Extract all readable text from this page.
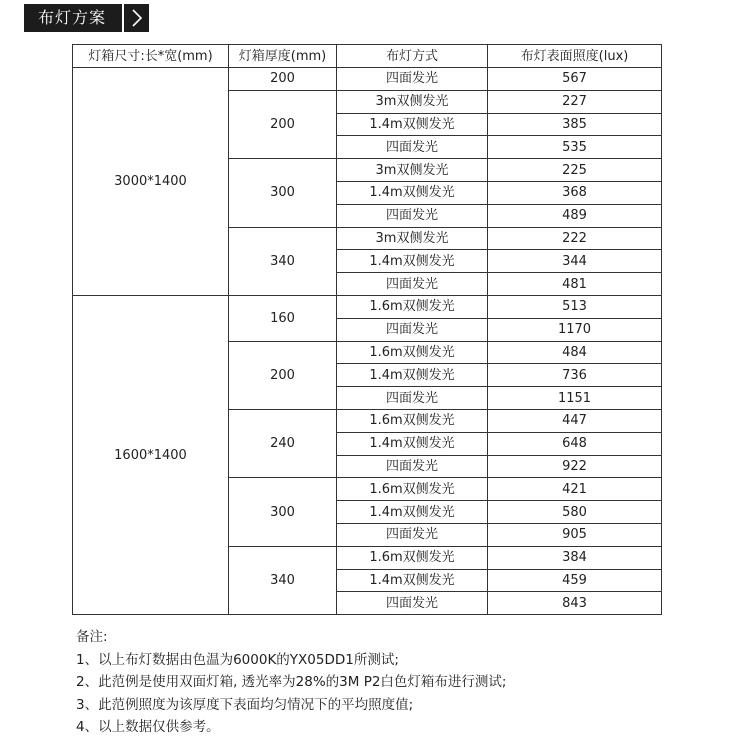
布灯方案
灯箱尺寸:长*宽(mm)	灯箱厚度(mm)	布灯方式	布灯表面照度(lux)
3000*1400	200	四面发光	567
	200	3m双侧发光	227
		1.4m双侧发光	385
		四面发光	535
	300	3m双侧发光	225
		1.4m双侧发光	368
		四面发光	489
	340	3m双侧发光	222
		1.4m双侧发光	344
		四面发光	481
1600*1400	160	1.6m双侧发光	513
		四面发光	1170
	200	1.6m双侧发光	484
		1.4m双侧发光	736
		四面发光	1151
	240	1.6m双侧发光	447
		1.4m双侧发光	648
		四面发光	922
	300	1.6m双侧发光	421
		1.4m双侧发光	580
		四面发光	905
	340	1.6m双侧发光	384
		1.4m双侧发光	459
		四面发光	843
备注:
1、以上布灯数据由色温为6000K的YX05DD1所测试;
2、此范例是使用双面灯箱, 透光率为28%的3M P2白色灯箱布进行测试;
3、此范例照度为该厚度下表面均匀情况下的平均照度值;
4、以上数据仅供参考。
